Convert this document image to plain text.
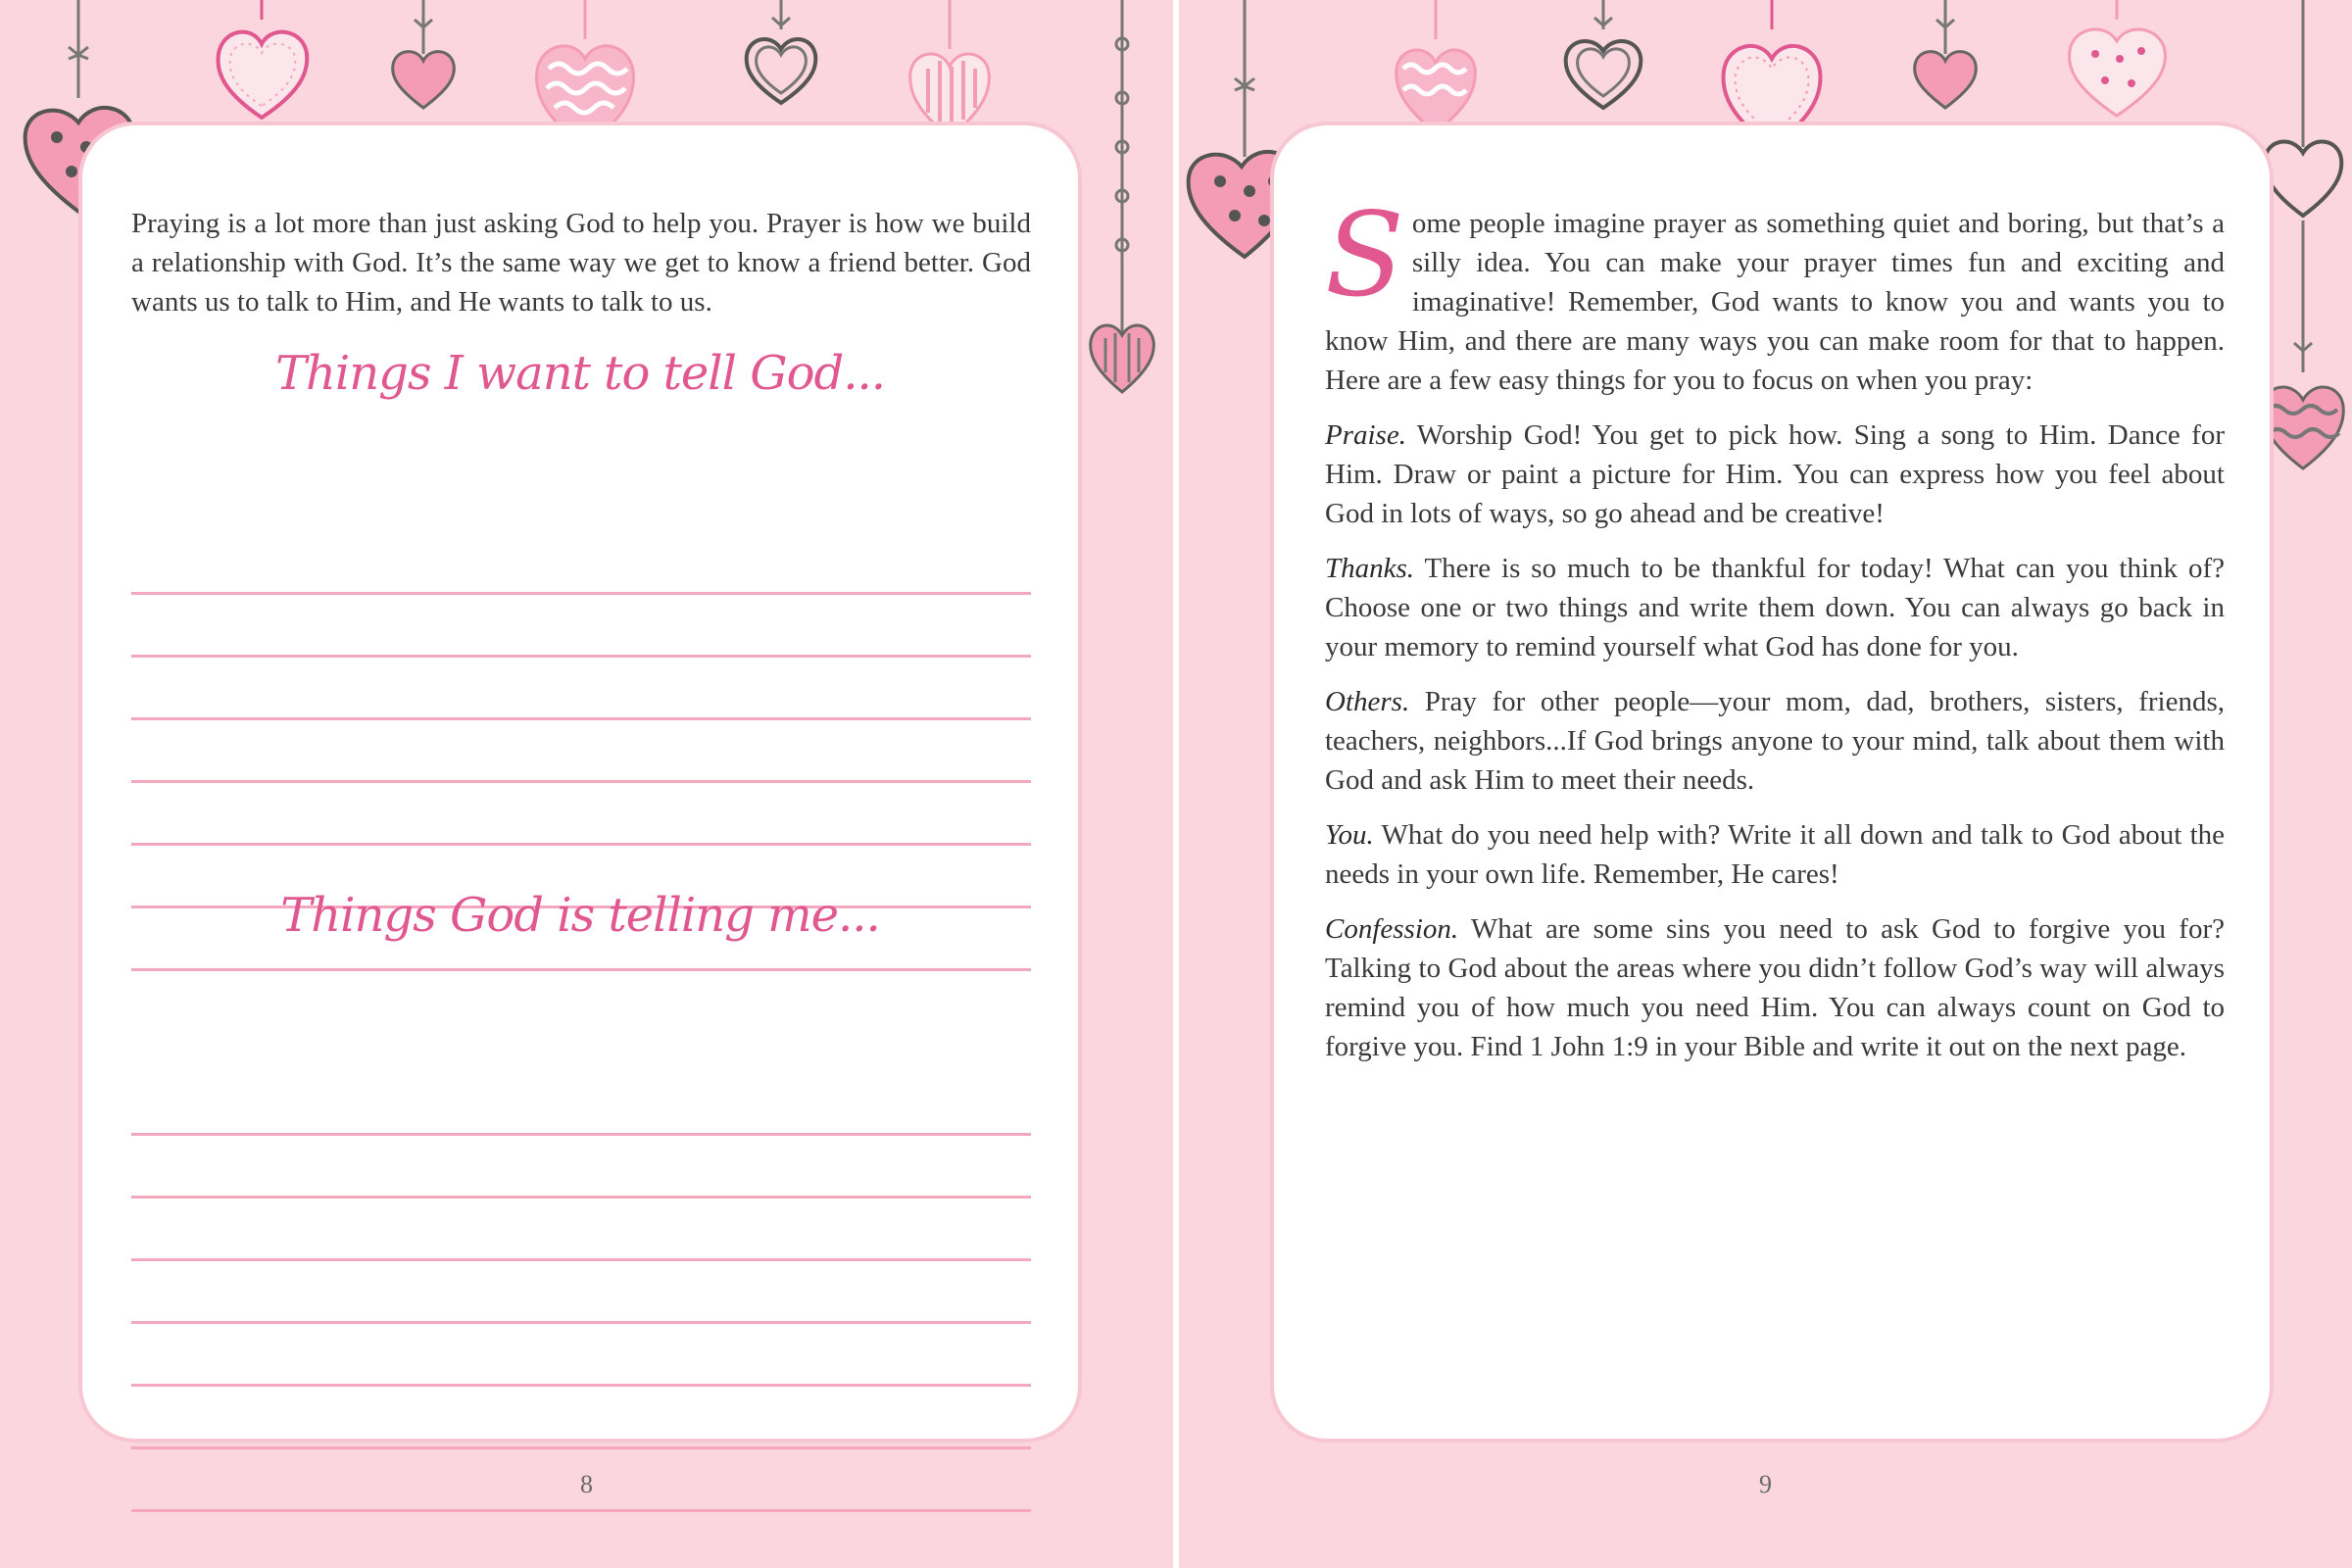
Praying is a lot more than just asking God to help you. Prayer is how we build a relationship with God. It’s the same way we get to know a friend better. God wants us to talk to Him, and He wants to talk to us.

Things I want to tell God...
Things God is telling me...
8

Some people imagine prayer as something quiet and boring, but that’s a silly idea. You can make your prayer times fun and exciting and imaginative! Remember, God wants to know you and wants you to know Him, and there are many ways you can make room for that to happen. Here are a few easy things for you to focus on when you pray:

Praise. Worship God! You get to pick how. Sing a song to Him. Dance for Him. Draw or paint a picture for Him. You can express how you feel about God in lots of ways, so go ahead and be creative!

Thanks. There is so much to be thankful for today! What can you think of? Choose one or two things and write them down. You can always go back in your memory to remind yourself what God has done for you.

Others. Pray for other people—your mom, dad, brothers, sisters, friends, teachers, neighbors...If God brings anyone to your mind, talk about them with God and ask Him to meet their needs.

You. What do you need help with? Write it all down and talk to God about the needs in your own life. Remember, He cares!

Confession. What are some sins you need to ask God to forgive you for? Talking to God about the areas where you didn’t follow God’s way will always remind you of how much you need Him. You can always count on God to forgive you. Find 1 John 1:9 in your Bible and write it out on the next page.

9
